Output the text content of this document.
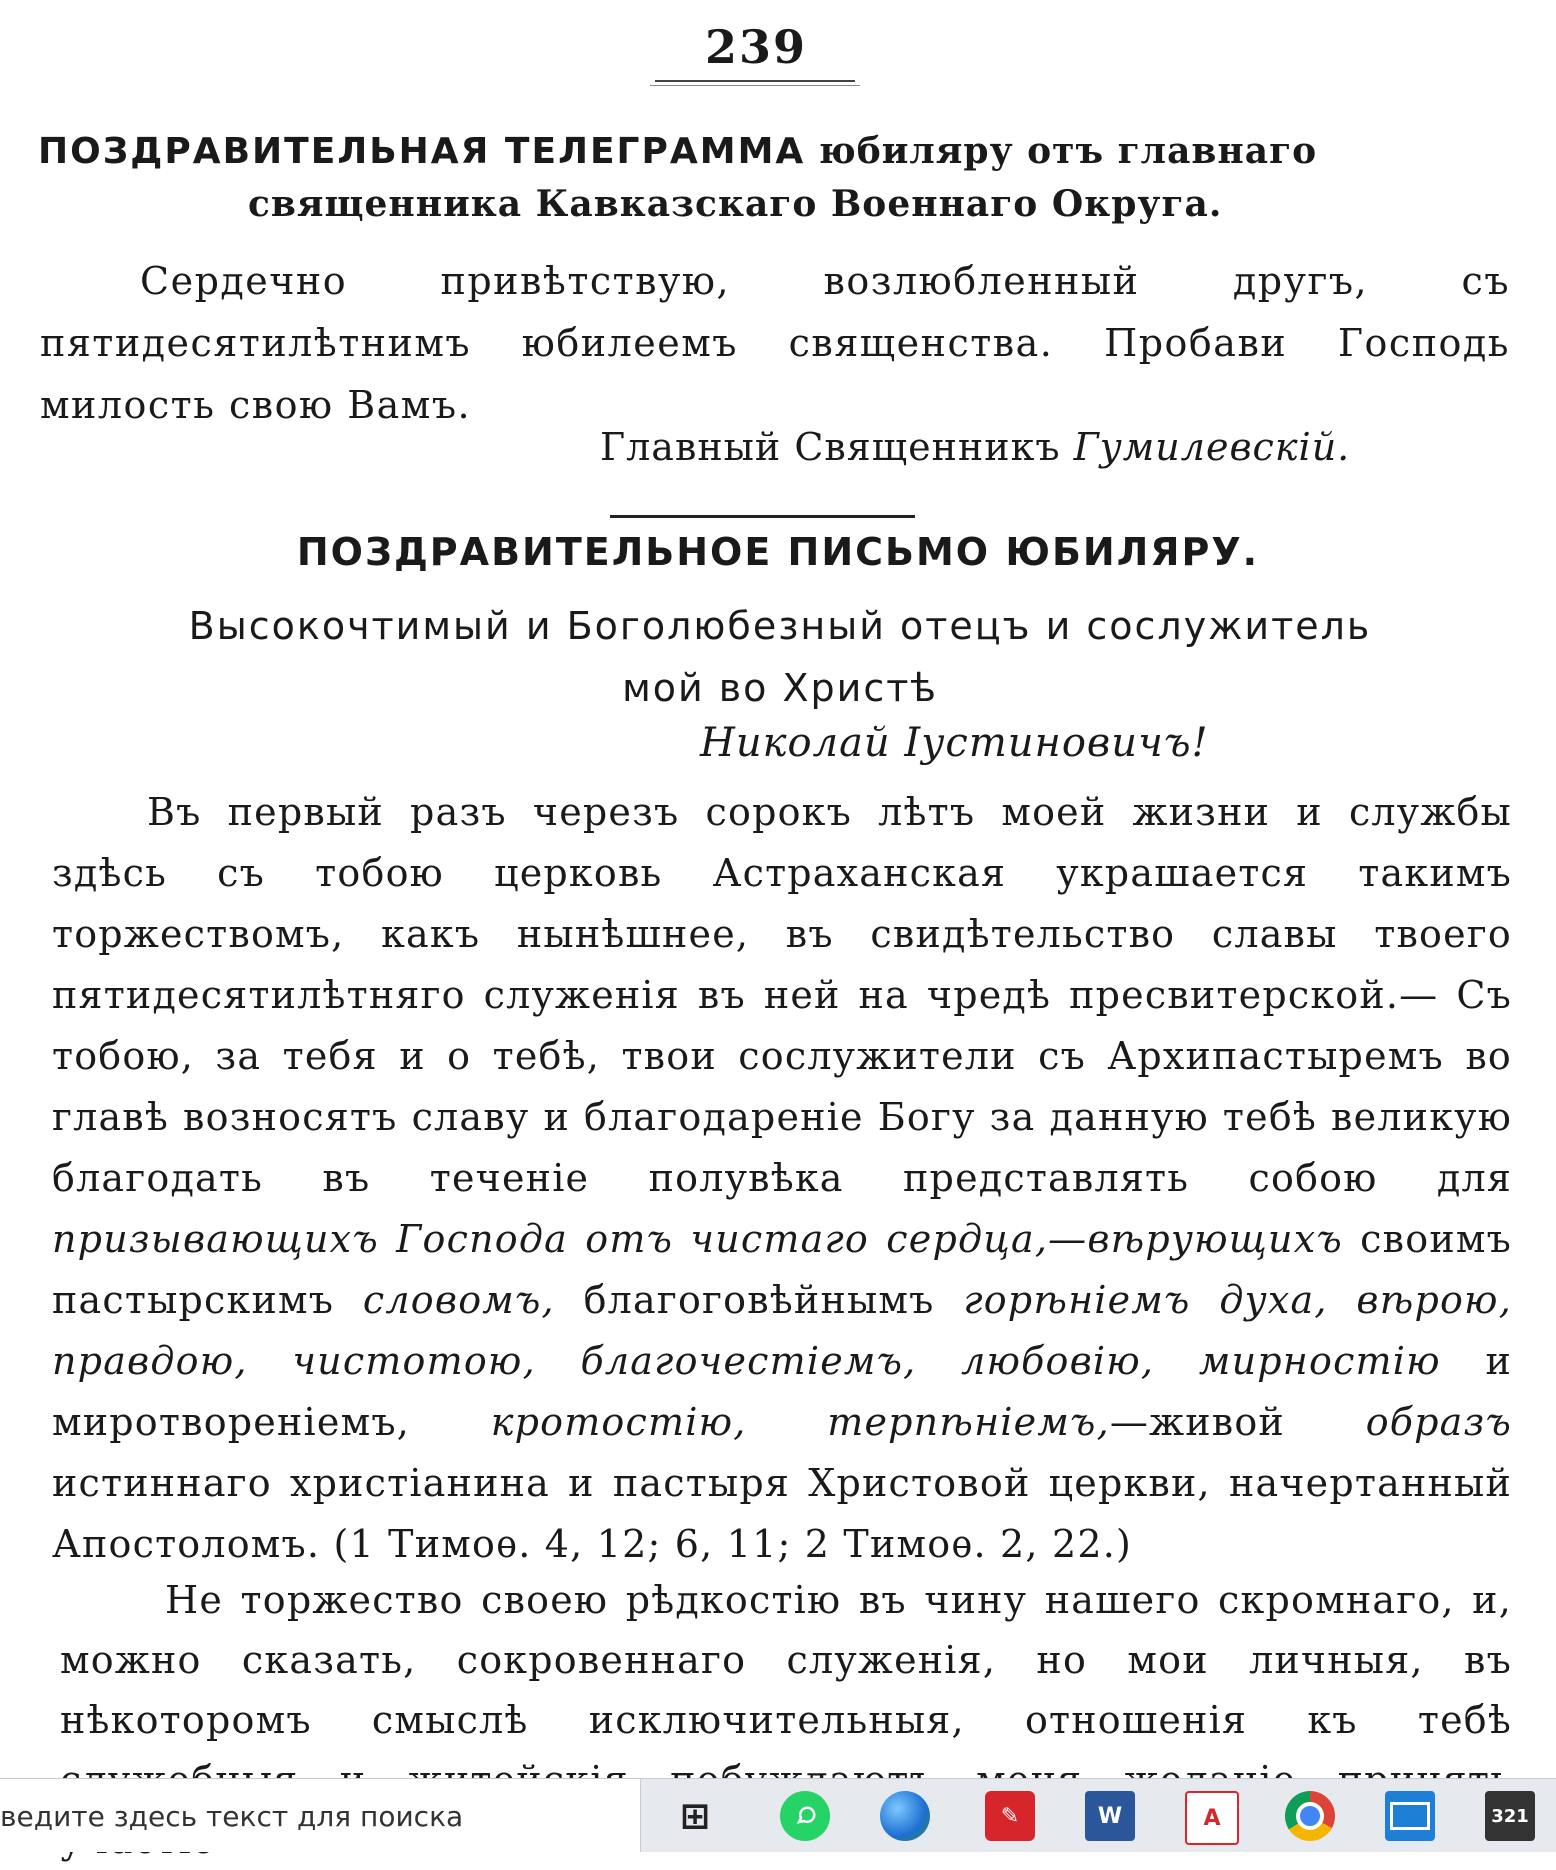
239
ПОЗДРАВИТЕЛЬНАЯ ТЕЛЕГРАММА юбиляру отъ главнаго
священника Кавказскаго Военнаго Округа.
Сердечно привѣтствую, возлюбленный другъ, съ пятидесятилѣтнимъ юбилеемъ священства. Пробави Господь милость свою Вамъ.
Главный Священникъ Гумилевскій.
ПОЗДРАВИТЕЛЬНОЕ ПИСЬМО ЮБИЛЯРУ.
Высокочтимый и Боголюбезный отецъ и сослужитель
мой во Христѣ
Николай Іустиновичъ!
Въ первый разъ черезъ сорокъ лѣтъ моей жизни и службы здѣсь съ тобою церковь Астраханская украшается такимъ торжествомъ, какъ нынѣшнее, въ свидѣтельство славы твоего пятидесятилѣтняго служенія въ ней на чредѣ пресвитерской.— Съ тобою, за тебя и о тебѣ, твои сослужители съ Архипастыремъ во главѣ возносятъ славу и благодареніе Богу за данную тебѣ великую благодать въ теченіе полувѣка представлять собою для призывающихъ Господа отъ чистаго сердца,—вѣрующихъ своимъ пастырскимъ словомъ, благоговѣйнымъ горѣніемъ духа, вѣрою, правдою, чистотою, благочестіемъ, любовію, мирностію и миротвореніемъ, кротостію, терпѣніемъ,—живой образъ истиннаго христіанина и пастыря Христовой церкви, начертанный Апостоломъ. (1 Тимоѳ. 4, 12; 6, 11; 2 Тимоѳ. 2, 22.)
Не торжество своею рѣдкостію въ чину нашего скромнаго, и, можно сказать, сокровеннаго служенія, но мои личныя, въ нѣкоторомъ смыслѣ исключительныя, отношенія къ тебѣ
ведите здесь текст для поиска
⊞	✎	W	A	321
